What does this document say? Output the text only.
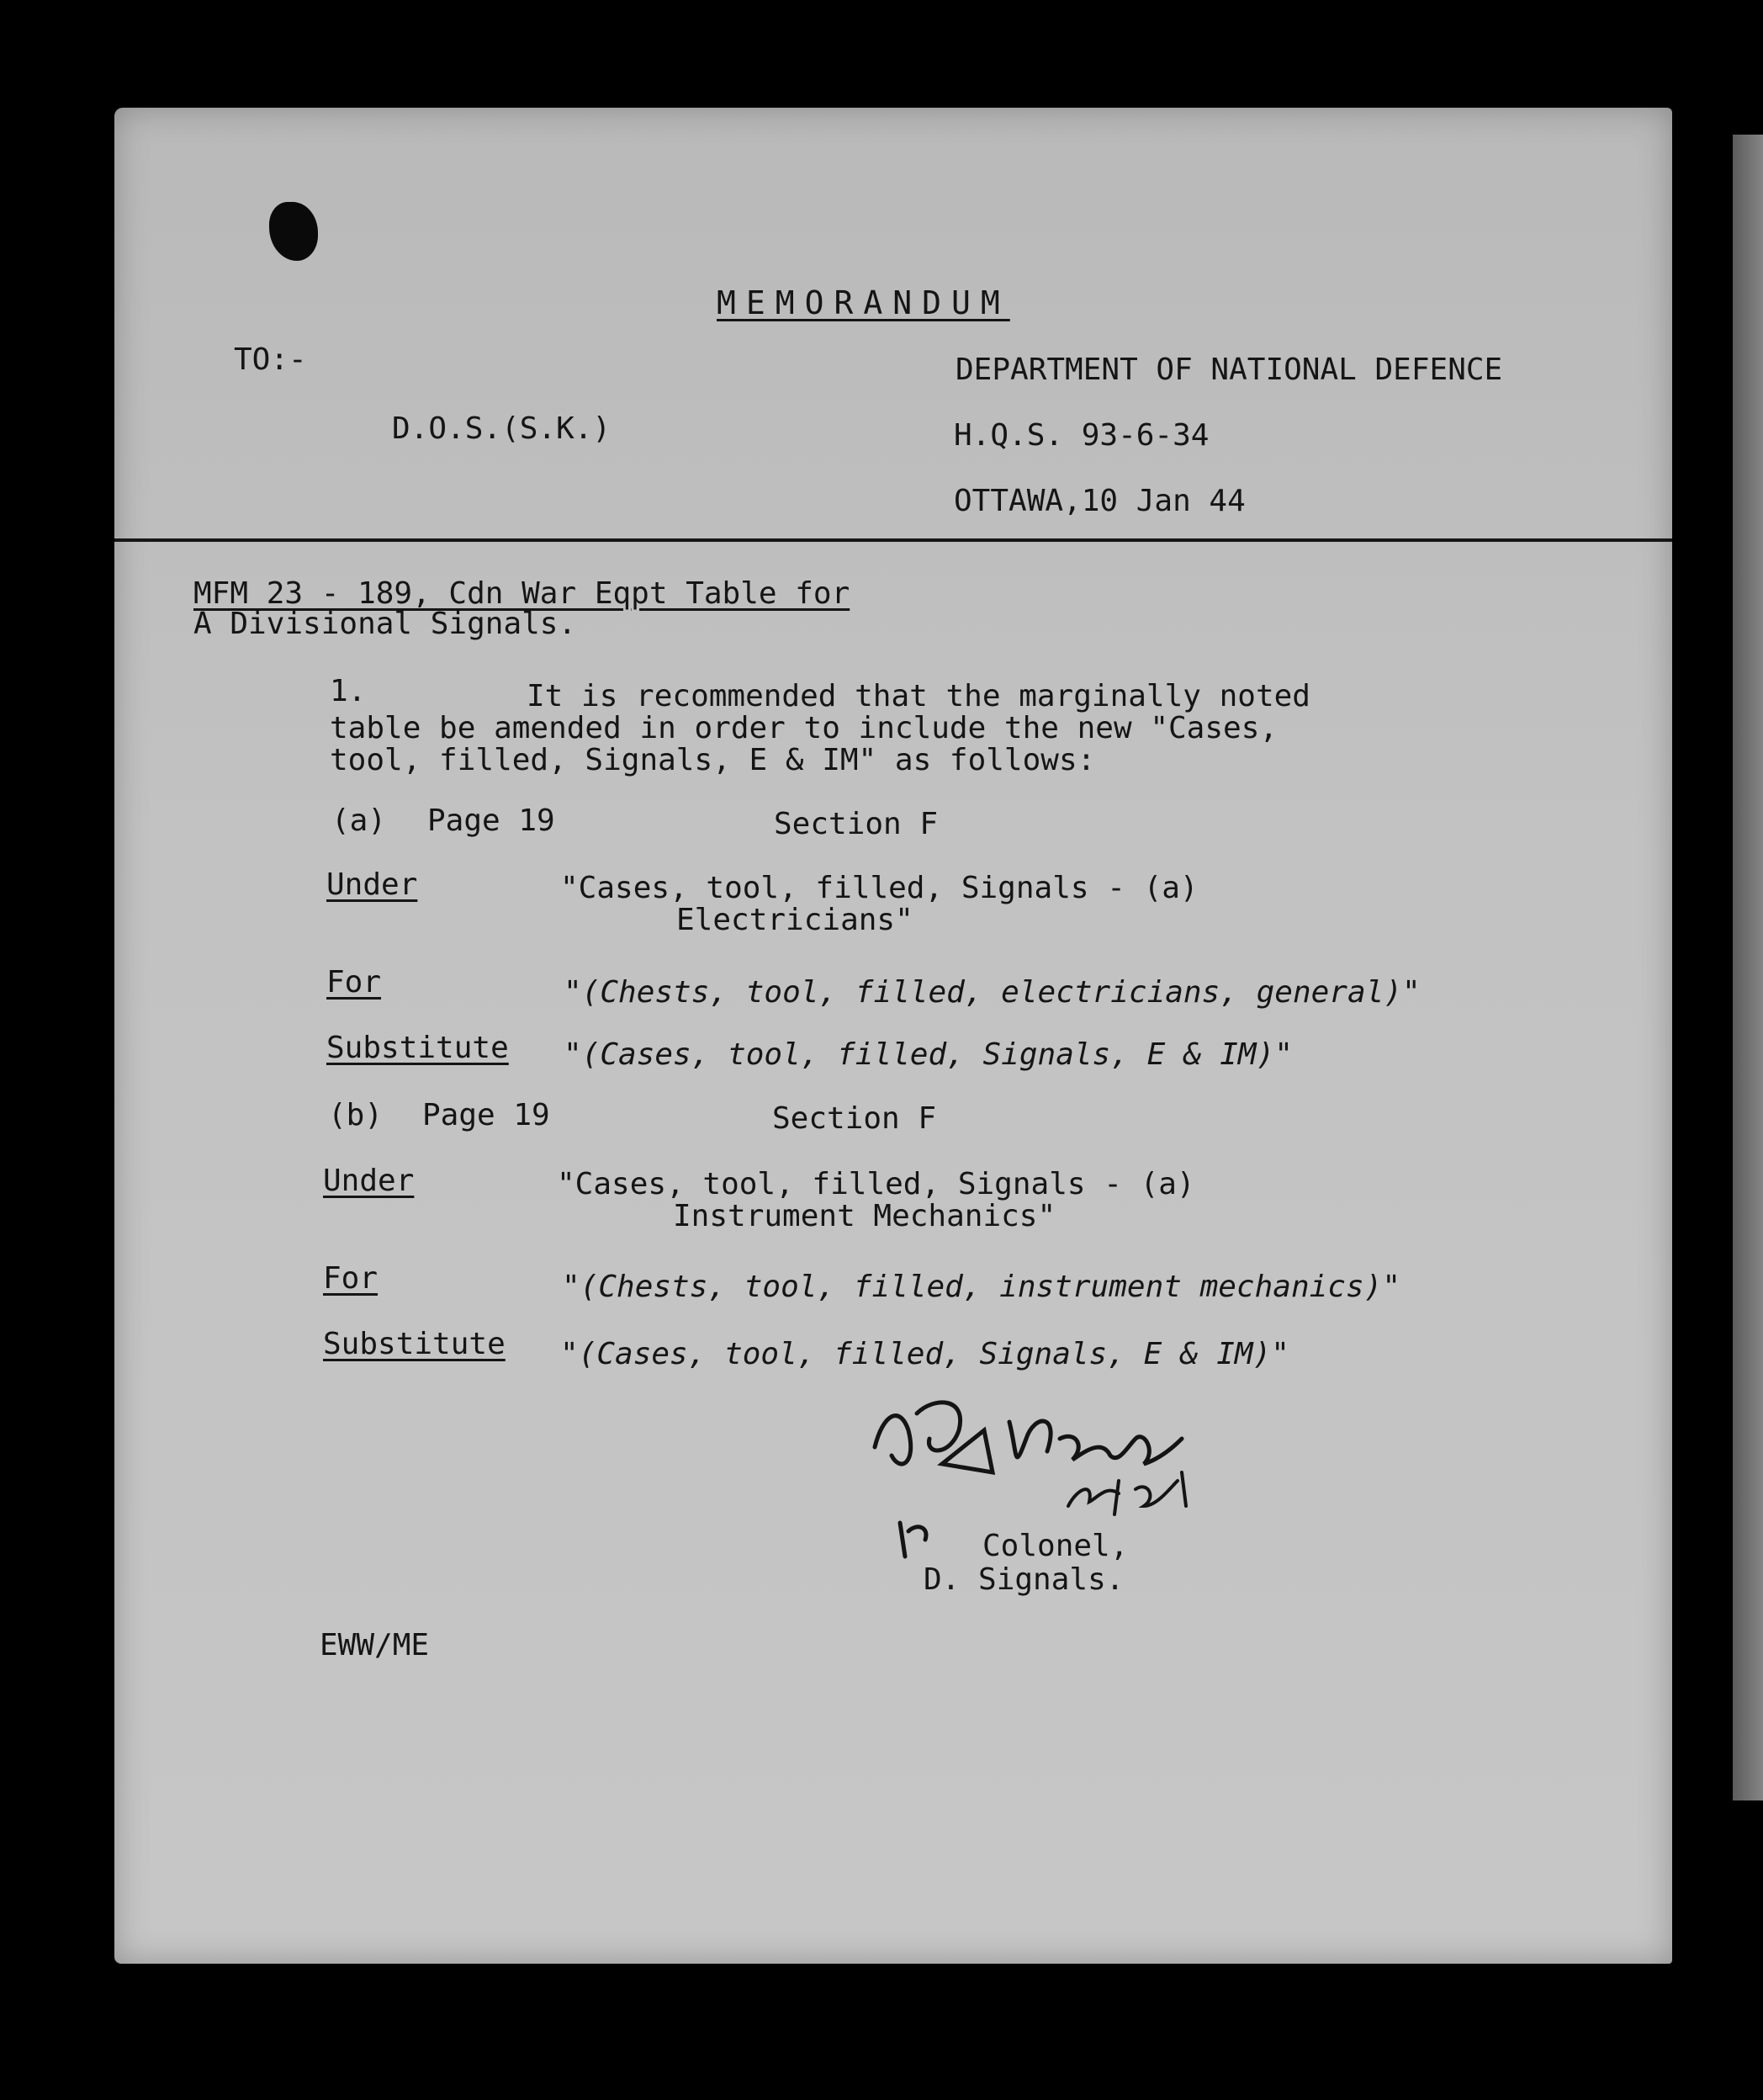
MEMORANDUM
TO:-	DEPARTMENT OF NATIONAL DEFENCE
D.O.S.(S.K.)	H.Q.S. 93-6-34
OTTAWA,10 Jan 44
MFM 23 - 189, Cdn War Eqpt Table for
A Divisional Signals.
1.	It is recommended that the marginally noted
table be amended in order to include the new "Cases,
tool, filled, Signals, E & IM" as follows:
(a) Page 19	Section F
Under	"Cases, tool, filled, Signals - (a)
Electricians"
For	"(Chests, tool, filled, electricians, general)"
Substitute "(Cases, tool, filled, Signals, E & IM)"
(b) Page 19	Section F
Under	"Cases, tool, filled, Signals - (a)
Instrument Mechanics"
For	"(Chests, tool, filled, instrument mechanics)"
Substitute "(Cases, tool, filled, Signals, E & IM)"
Colonel,
D. Signals.
EWW/ME
